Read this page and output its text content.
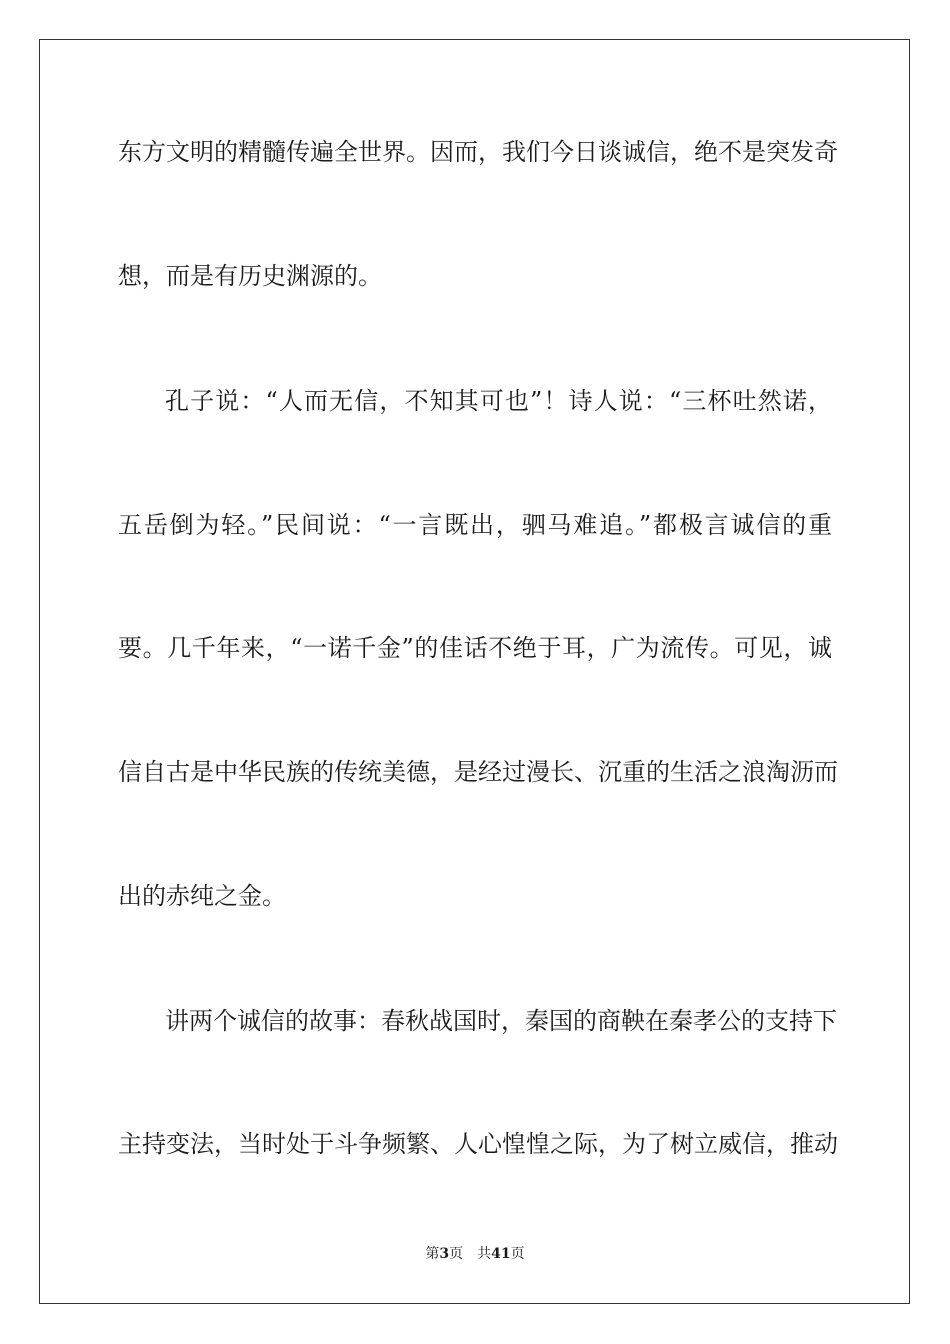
东方文明的精髓传遍全世界。因而，我们今日谈诚信，绝不是突发奇
想，而是有历史渊源的。
孔子说：“人而无信，不知其可也”！诗人说：“三杯吐然诺，
五岳倒为轻。”民间说：“一言既出，驷马难追。”都极言诚信的重
要。几千年来，“一诺千金”的佳话不绝于耳，广为流传。可见，诚
信自古是中华民族的传统美德，是经过漫长、沉重的生活之浪淘沥而
出的赤纯之金。
讲两个诚信的故事：春秋战国时，秦国的商鞅在秦孝公的支持下
主持变法，当时处于斗争频繁、人心惶惶之际，为了树立威信，推动
第3页 共41页
